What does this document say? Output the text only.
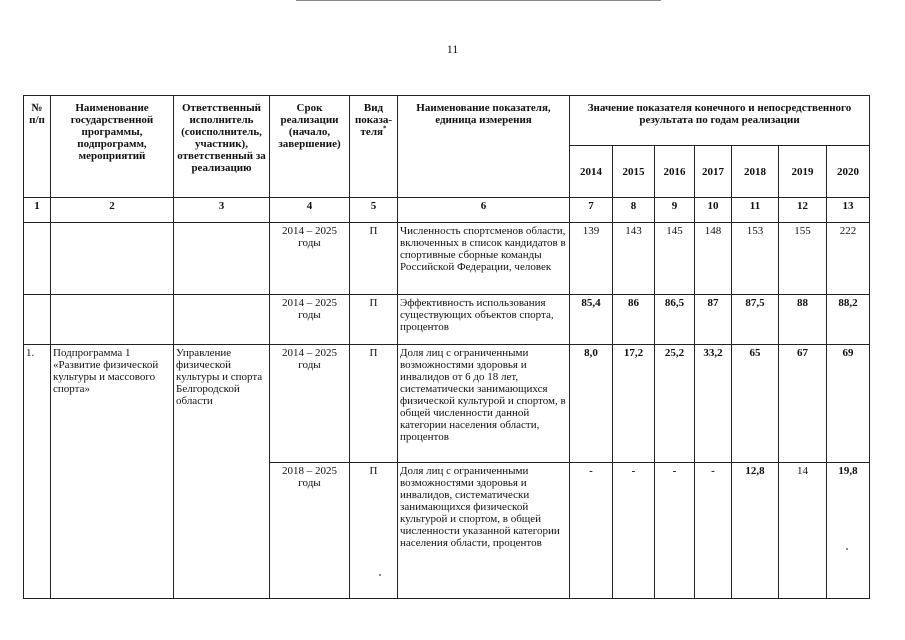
11
№ п/п	Наименование государственной программы, подпрограмм, мероприятий	Ответственный исполнитель (соисполнитель, участник), ответственный за реализацию	Срок реализации (начало, завершение)	Вид показа-теля*	Наименование показателя, единица измерения	Значение показателя конечного и непосредственного результата по годам реализации						
						2014	2015	2016	2017	2018	2019	2020
1	2	3	4	5	6	7	8	9	10	11	12	13
			2014 – 2025 годы	П	Численность спортсменов области, включенных в список кандидатов в спортивные сборные команды Российской Федерации, человек	139	143	145	148	153	155	222
			2014 – 2025 годы	П	Эффективность использования существующих объектов спорта, процентов	85,4	86	86,5	87	87,5	88	88,2
1.	Подпрограмма 1 «Развитие физической культуры и массового спорта»	Управление физической культуры и спорта Белгородской области	2014 – 2025 годы	П	Доля лиц с ограниченными возможностями здоровья и инвалидов от 6 до 18 лет, систематически занимающихся физической культурой и спортом, в общей численности данной категории населения области, процентов	8,0	17,2	25,2	33,2	65	67	69
			2018 – 2025 годы	П	Доля лиц с ограниченными возможностями здоровья и инвалидов, систематически занимающихся физической культурой и спортом, в общей численности указанной категории населения области, процентов	-	-	-	-	12,8	14	19,8
